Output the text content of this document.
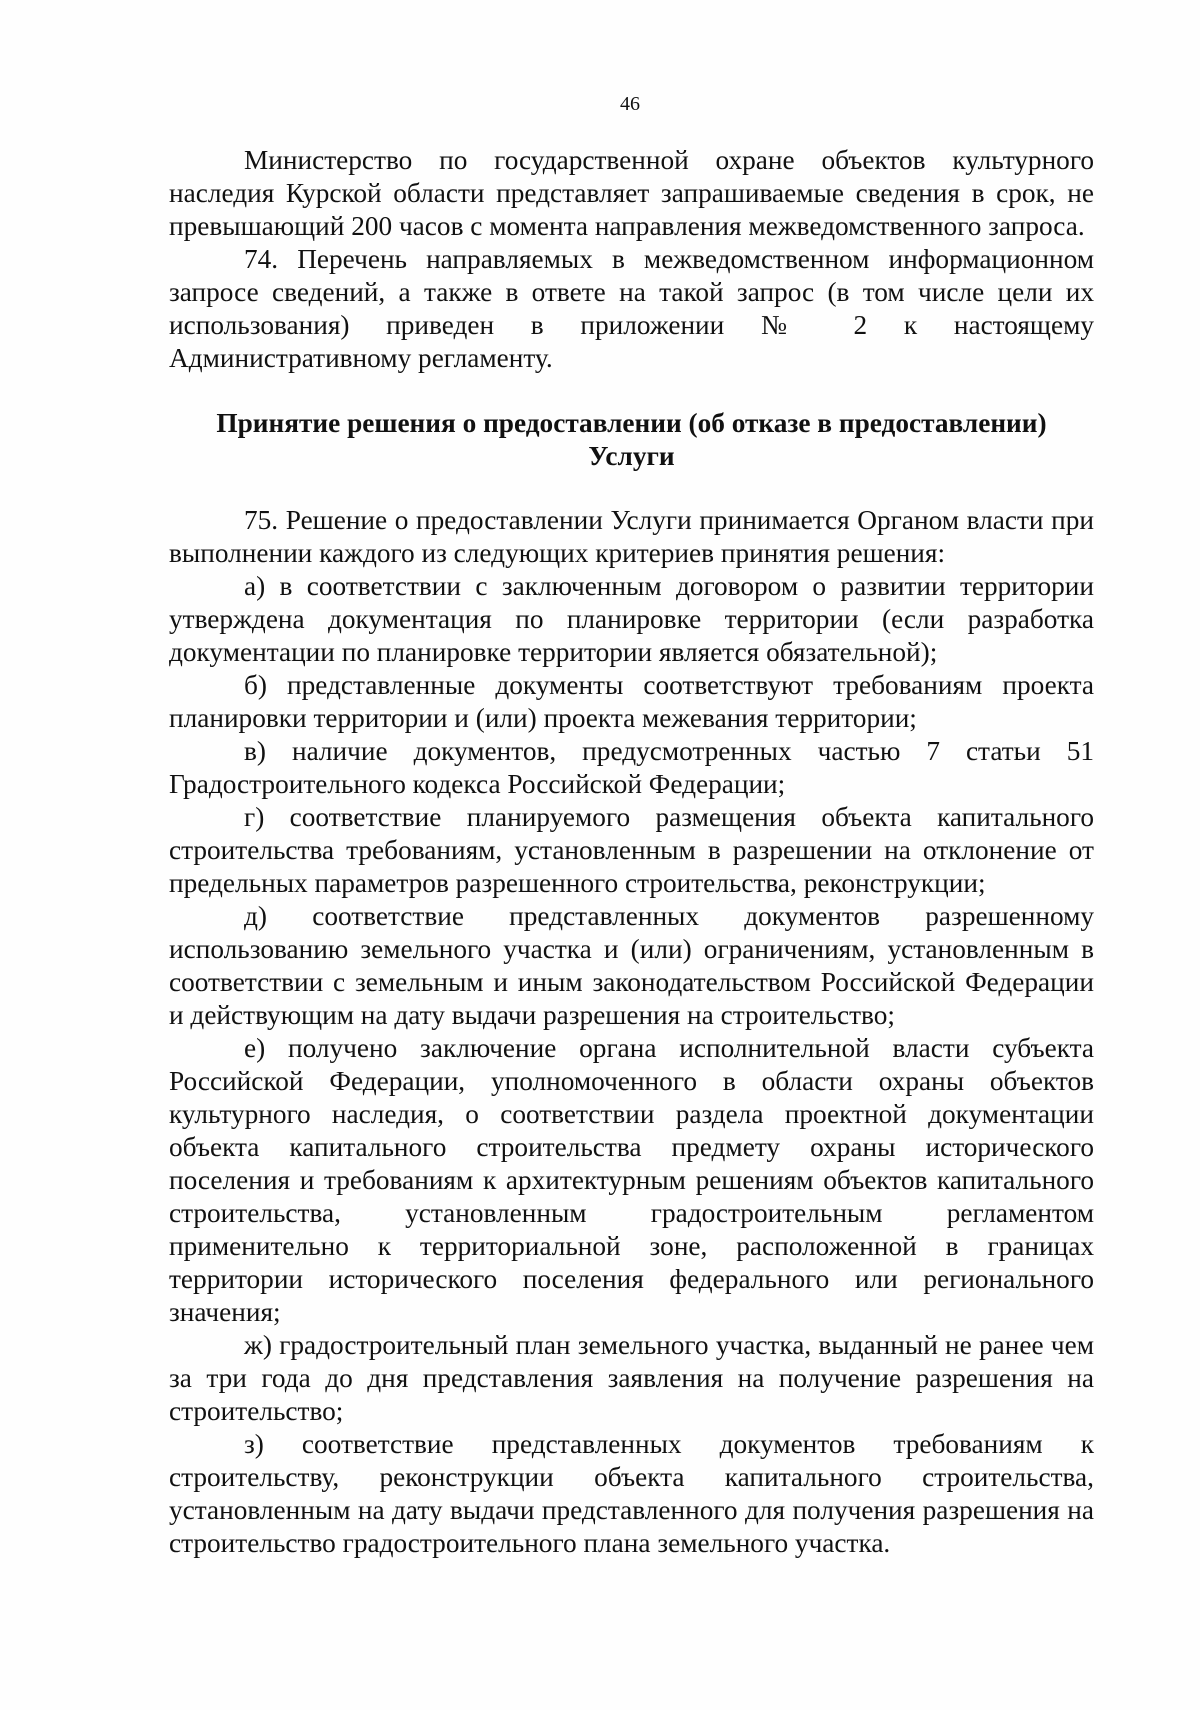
46

Министерство по государственной охране объектов культурного наследия Курской области представляет запрашиваемые сведения в срок, не превышающий 200 часов с момента направления межведомственного запроса.

74. Перечень направляемых в межведомственном информационном запросе сведений, а также в ответе на такой запрос (в том числе цели их использования) приведен в приложении № 2 к настоящему Административному регламенту.

Принятие решения о предоставлении (об отказе в предоставлении)
Услуги

75. Решение о предоставлении Услуги принимается Органом власти при выполнении каждого из следующих критериев принятия решения:

а) в соответствии с заключенным договором о развитии территории утверждена документация по планировке территории (если разработка документации по планировке территории является обязательной);

б) представленные документы соответствуют требованиям проекта планировки территории и (или) проекта межевания территории;

в) наличие документов, предусмотренных частью 7 статьи 51 Градостроительного кодекса Российской Федерации;

г) соответствие планируемого размещения объекта капитального строительства требованиям, установленным в разрешении на отклонение от предельных параметров разрешенного строительства, реконструкции;

д) соответствие представленных документов разрешенному использованию земельного участка и (или) ограничениям, установленным в соответствии с земельным и иным законодательством Российской Федерации и действующим на дату выдачи разрешения на строительство;

е) получено заключение органа исполнительной власти субъекта Российской Федерации, уполномоченного в области охраны объектов культурного наследия, о соответствии раздела проектной документации объекта капитального строительства предмету охраны исторического поселения и требованиям к архитектурным решениям объектов капитального строительства, установленным градостроительным регламентом применительно к территориальной зоне, расположенной в границах территории исторического поселения федерального или регионального значения;

ж) градостроительный план земельного участка, выданный не ранее чем за три года до дня представления заявления на получение разрешения на строительство;

з) соответствие представленных документов требованиям к строительству, реконструкции объекта капитального строительства, установленным на дату выдачи представленного для получения разрешения на строительство градостроительного плана земельного участка.
